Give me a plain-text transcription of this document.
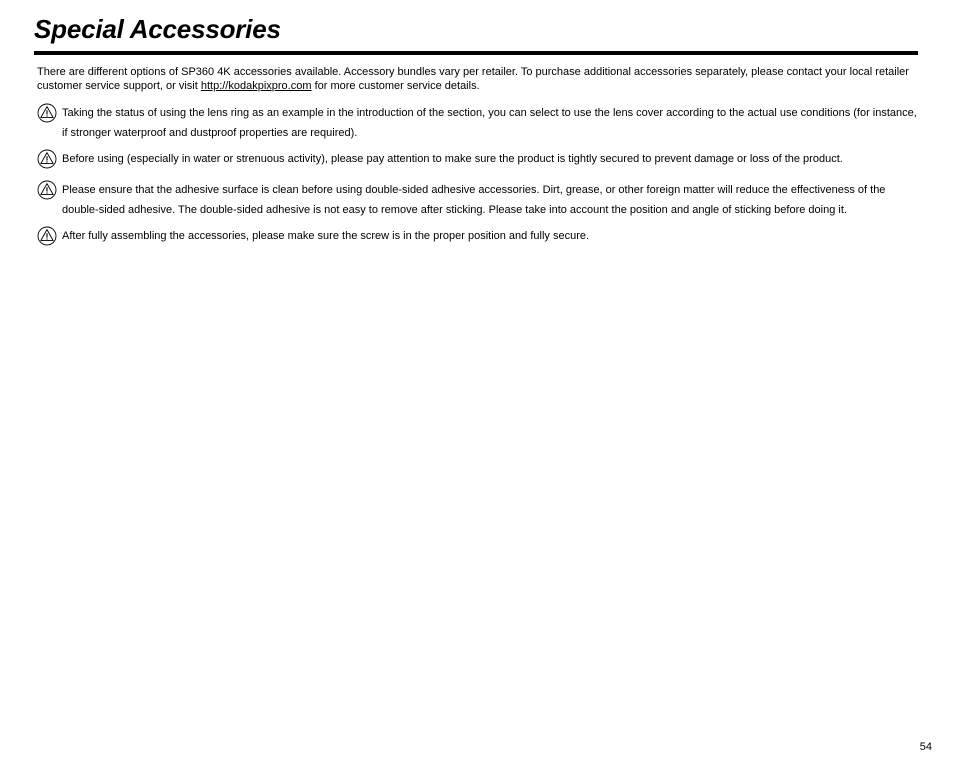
Special Accessories

There are different options of SP360 4K accessories available. Accessory bundles vary per retailer. To purchase additional accessories separately, please contact your local retailer customer service support, or visit http://kodakpixpro.com for more customer service details.

Taking the status of using the lens ring as an example in the introduction of the section, you can select to use the lens cover according to the actual use conditions (for instance, if stronger waterproof and dustproof properties are required).
Before using (especially in water or strenuous activity), please pay attention to make sure the product is tightly secured to prevent damage or loss of the product.
Please ensure that the adhesive surface is clean before using double-sided adhesive accessories. Dirt, grease, or other foreign matter will reduce the effectiveness of the double-sided adhesive. The double-sided adhesive is not easy to remove after sticking. Please take into account the position and angle of sticking before doing it.
After fully assembling the accessories, please make sure the screw is in the proper position and fully secure.
54
